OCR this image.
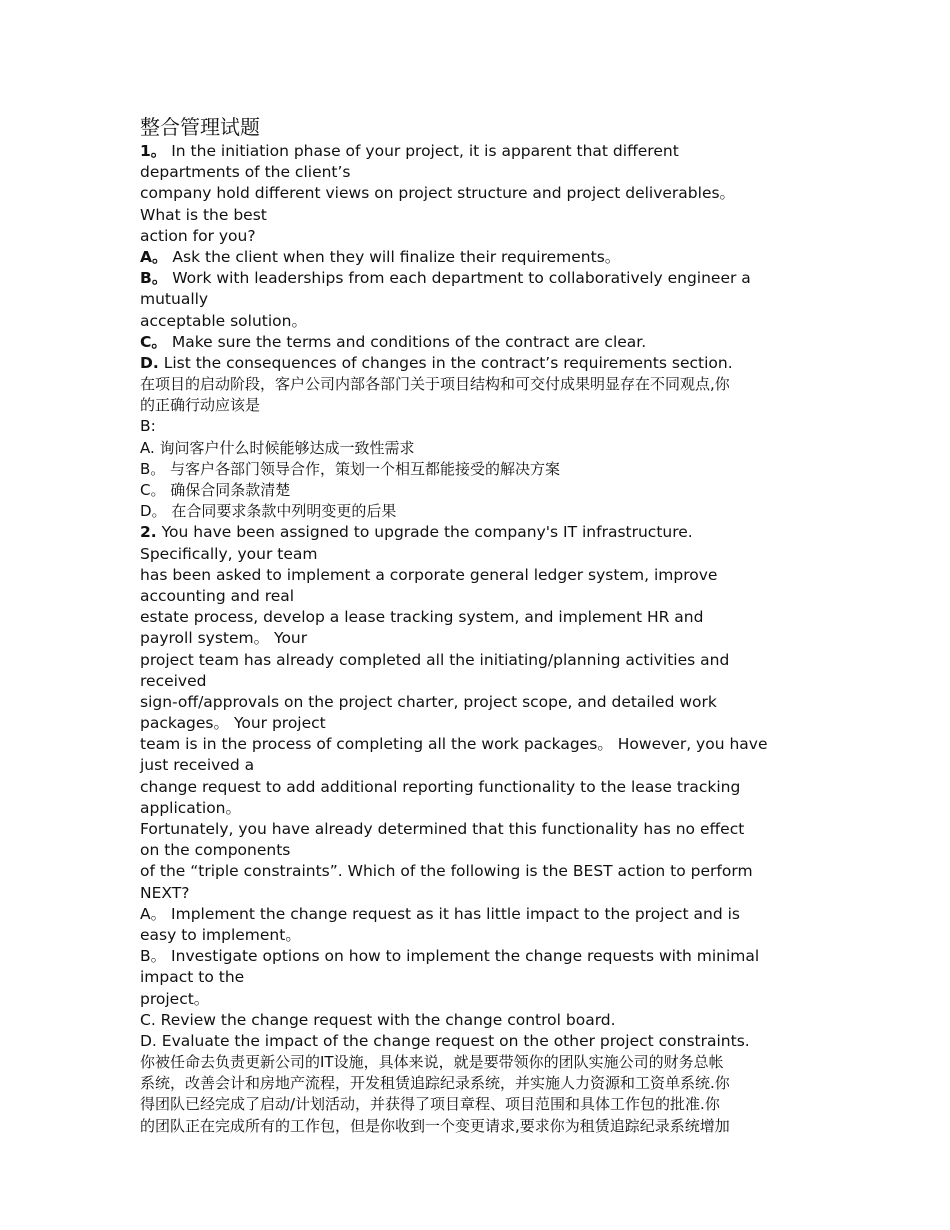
整合管理试题
1。 In the initiation phase of your project, it is apparent that different
departments of the client’s
company hold different views on project structure and project deliverables。
What is the best
action for you?
A。 Ask the client when they will finalize their requirements。
B。 Work with leaderships from each department to collaboratively engineer a
mutually
acceptable solution。
C。 Make sure the terms and conditions of the contract are clear.
D. List the consequences of changes in the contract’s requirements section.
在项目的启动阶段，客户公司内部各部门关于项目结构和可交付成果明显存在不同观点,你
的正确行动应该是
B:
A. 询问客户什么时候能够达成一致性需求
B。 与客户各部门领导合作，策划一个相互都能接受的解决方案
C。 确保合同条款清楚
D。 在合同要求条款中列明变更的后果
2. You have been assigned to upgrade the company's IT infrastructure.
Specifically, your team
has been asked to implement a corporate general ledger system, improve
accounting and real
estate process, develop a lease tracking system, and implement HR and
payroll system。 Your
project team has already completed all the initiating/planning activities and
received
sign-off/approvals on the project charter, project scope, and detailed work
packages。 Your project
team is in the process of completing all the work packages。 However, you have
just received a
change request to add additional reporting functionality to the lease tracking
application。
Fortunately, you have already determined that this functionality has no effect
on the components
of the “triple constraints”. Which of the following is the BEST action to perform
NEXT?
A。 Implement the change request as it has little impact to the project and is
easy to implement。
B。 Investigate options on how to implement the change requests with minimal
impact to the
project。
C. Review the change request with the change control board.
D. Evaluate the impact of the change request on the other project constraints.
你被任命去负责更新公司的IT设施，具体来说，就是要带领你的团队实施公司的财务总帐
系统，改善会计和房地产流程，开发租赁追踪纪录系统，并实施人力资源和工资单系统.你
得团队已经完成了启动/计划活动，并获得了项目章程、项目范围和具体工作包的批准.你
的团队正在完成所有的工作包，但是你收到一个变更请求,要求你为租赁追踪纪录系统增加
